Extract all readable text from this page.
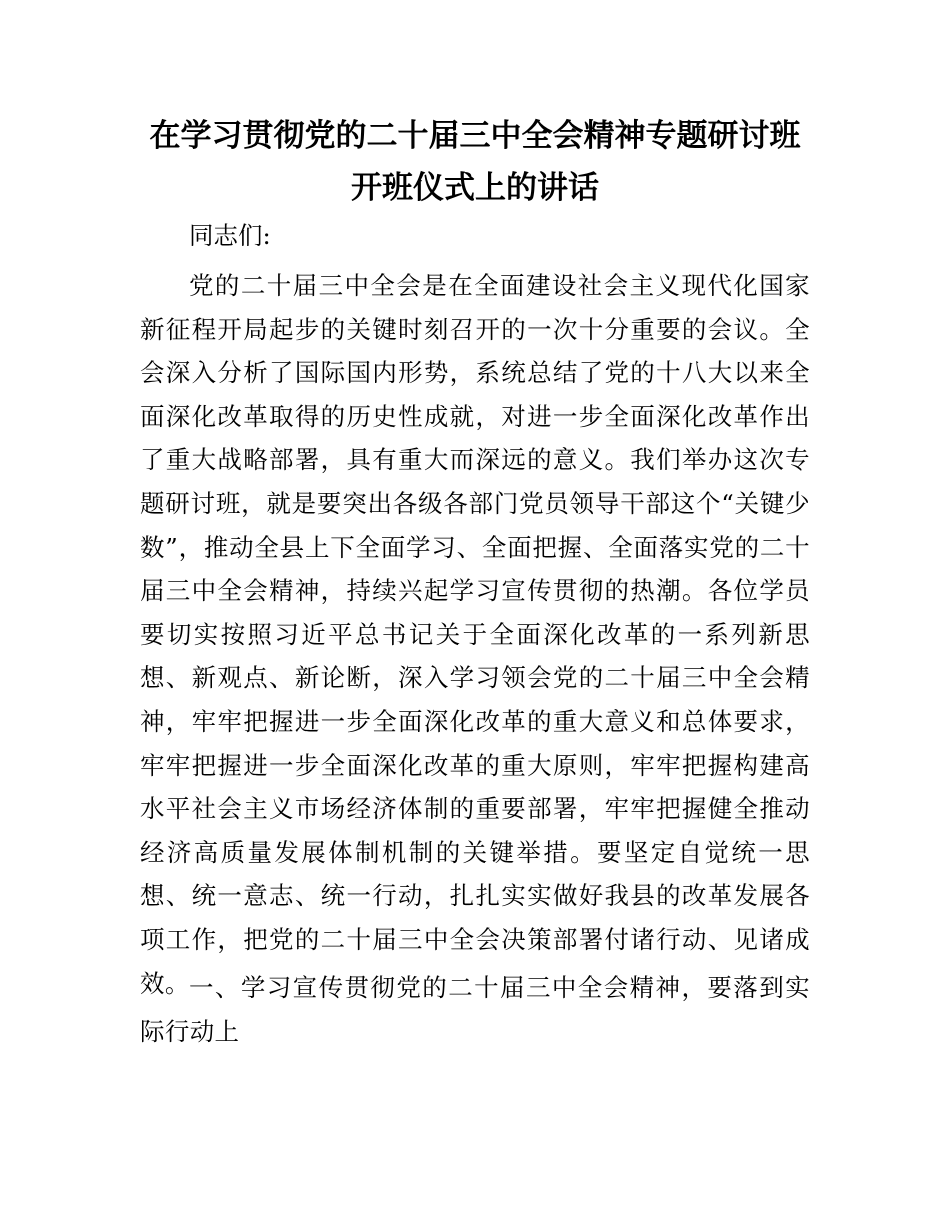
在学习贯彻党的二十届三中全会精神专题研讨班开班仪式上的讲话

同志们:

党的二十届三中全会是在全面建设社会主义现代化国家新征程开局起步的关键时刻召开的一次十分重要的会议。全会深入分析了国际国内形势，系统总结了党的十八大以来全面深化改革取得的历史性成就，对进一步全面深化改革作出了重大战略部署，具有重大而深远的意义。我们举办这次专题研讨班，就是要突出各级各部门党员领导干部这个“关键少数”，推动全县上下全面学习、全面把握、全面落实党的二十届三中全会精神，持续兴起学习宣传贯彻的热潮。各位学员要切实按照习近平总书记关于全面深化改革的一系列新思想、新观点、新论断，深入学习领会党的二十届三中全会精神，牢牢把握进一步全面深化改革的重大意义和总体要求，牢牢把握进一步全面深化改革的重大原则，牢牢把握构建高水平社会主义市场经济体制的重要部署，牢牢把握健全推动经济高质量发展体制机制的关键举措。要坚定自觉统一思想、统一意志、统一行动，扎扎实实做好我县的改革发展各项工作，把党的二十届三中全会决策部署付诸行动、见诸成效。 一、学习宣传贯彻党的二十届三中全会精神，要落到实际行动上
